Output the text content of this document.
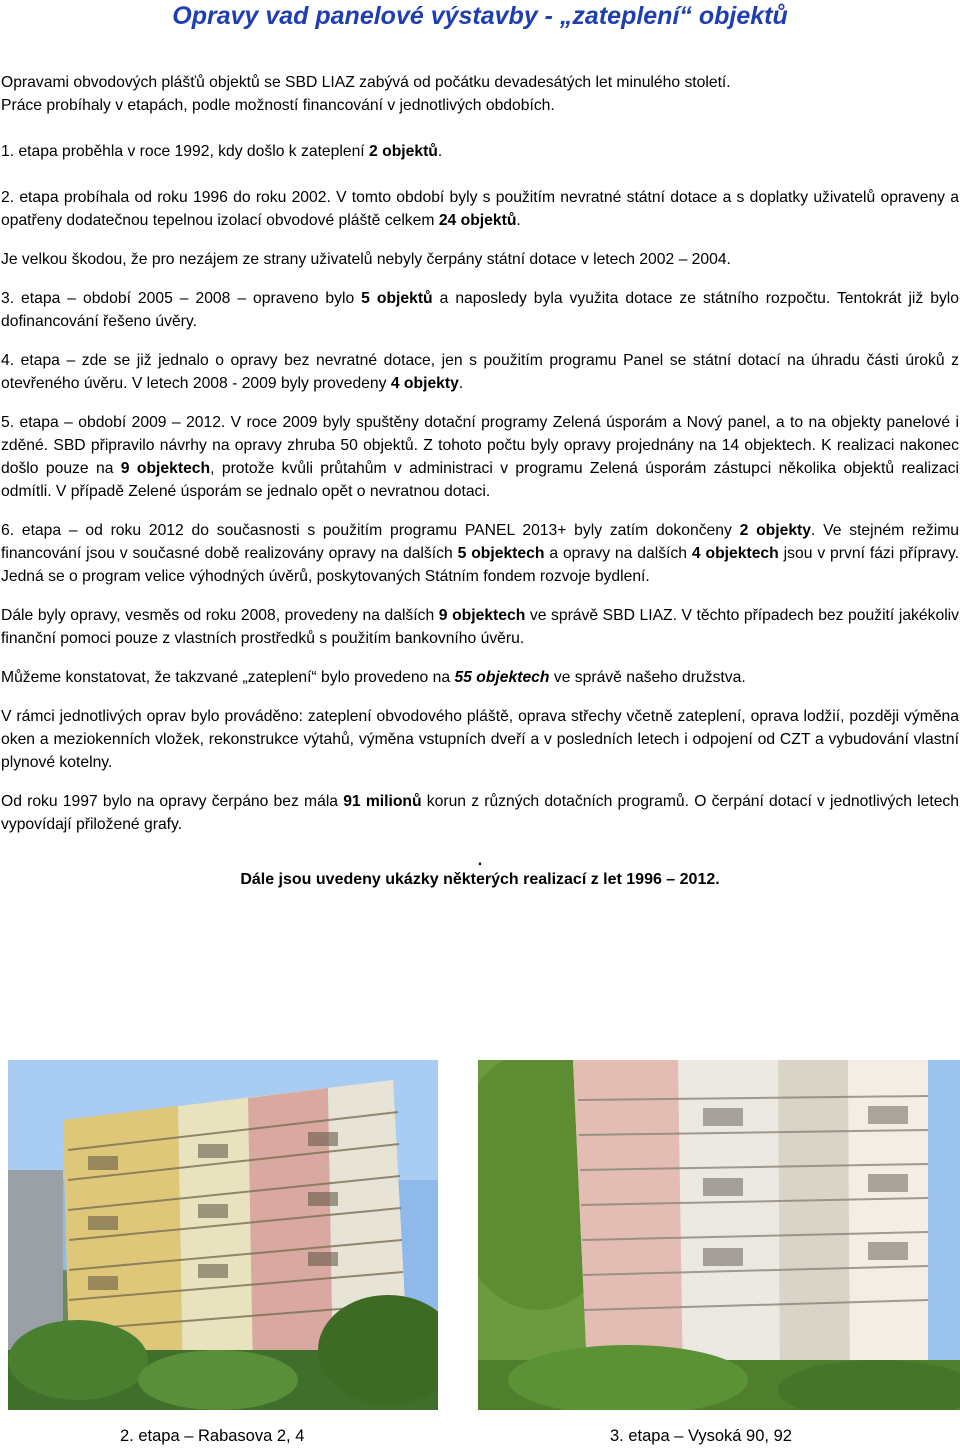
Opravy vad panelové výstavby - „zateplení“ objektů

Opravami obvodových plášťů objektů se SBD LIAZ zabývá od počátku devadesátých let minulého století.
Práce probíhaly v etapách, podle možností financování v jednotlivých obdobích.

1. etapa proběhla v roce 1992, kdy došlo k zateplení 2 objektů.

2. etapa probíhala od roku 1996 do roku 2002. V tomto období byly s použitím nevratné státní dotace a s doplatky uživatelů opraveny a opatřeny dodatečnou tepelnou izolací obvodové pláště celkem 24 objektů.

Je velkou škodou, že pro nezájem ze strany uživatelů nebyly čerpány státní dotace v letech 2002 – 2004.

3. etapa – období 2005 – 2008 – opraveno bylo 5 objektů a naposledy byla využita dotace ze státního rozpočtu. Tentokrát již bylo dofinancování řešeno úvěry.

4. etapa – zde se již jednalo o opravy bez nevratné dotace, jen s použitím programu Panel se státní dotací na úhradu části úroků z otevřeného úvěru. V letech 2008 - 2009 byly provedeny 4 objekty.

5. etapa – období 2009 – 2012. V roce 2009 byly spuštěny dotační programy Zelená úsporám a Nový panel, a to na objekty panelové i zděné. SBD připravilo návrhy na opravy zhruba 50 objektů. Z tohoto počtu byly opravy projednány na 14 objektech. K realizaci nakonec došlo pouze na 9 objektech, protože kvůli průtahům v administraci v programu Zelená úsporám zástupci několika objektů realizaci odmítli. V případě Zelené úsporám se jednalo opět o nevratnou dotaci.

6. etapa – od roku 2012 do současnosti s použitím programu PANEL 2013+ byly zatím dokončeny 2 objekty. Ve stejném režimu financování jsou v současné době realizovány opravy na dalších 5 objektech a opravy na dalších 4 objektech jsou v první fázi přípravy. Jedná se o program velice výhodných úvěrů, poskytovaných Státním fondem rozvoje bydlení.

Dále byly opravy, vesměs od roku 2008, provedeny na dalších 9 objektech ve správě SBD LIAZ. V těchto případech bez použití jakékoliv finanční pomoci pouze z vlastních prostředků s použitím bankovního úvěru.

Můžeme konstatovat, že takzvané „zateplení“ bylo provedeno na 55 objektech ve správě našeho družstva.

V rámci jednotlivých oprav bylo prováděno: zateplení obvodového pláště, oprava střechy včetně zateplení, oprava lodžií, později výměna oken a meziokenních vložek, rekonstrukce výtahů, výměna vstupních dveří a v posledních letech i odpojení od CZT a vybudování vlastní plynové kotelny.

Od roku 1997 bylo na opravy čerpáno bez mála 91 milionů korun z různých dotačních programů. O čerpání dotací v jednotlivých letech vypovídají přiložené grafy.

.

Dále jsou uvedeny ukázky některých realizací z let 1996 – 2012.

2. etapa – Rabasova 2, 4	3. etapa – Vysoká 90, 92
